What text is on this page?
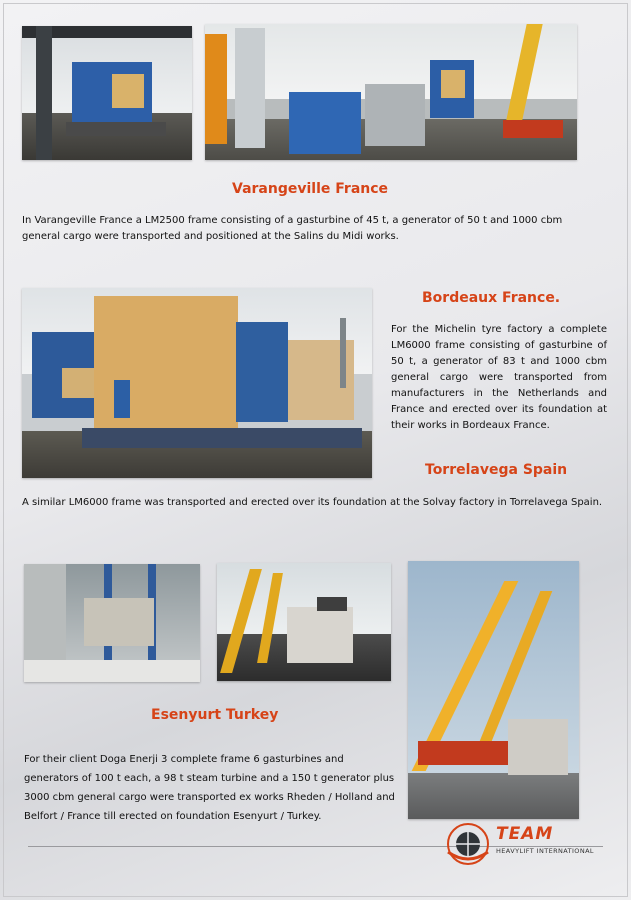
Varangeville France

In Varangeville France a LM2500 frame consisting of a gasturbine of 45 t, a generator of 50 t and 1000 cbm general cargo were transported and positioned at the Salins du Midi works.

Bordeaux France.

For the Michelin tyre factory a complete LM6000 frame consisting of gasturbine of 50 t, a generator of 83 t and 1000 cbm general cargo were transported from manufacturers in the Netherlands and France and erected over its foundation at their works in Bordeaux France.

Torrelavega Spain

A similar LM6000 frame was transported and erected over its foundation at the Solvay factory in Torrelavega Spain.

Esenyurt Turkey

For their client Doga Enerji 3 complete frame 6 gasturbines and generators of 100 t each, a 98 t steam turbine and a 150 t generator plus 3000 cbm general cargo were transported ex works Rheden / Holland and Belfort / France till erected on foundation Esenyurt / Turkey.

TEAM
HEAVYLIFT INTERNATIONAL
